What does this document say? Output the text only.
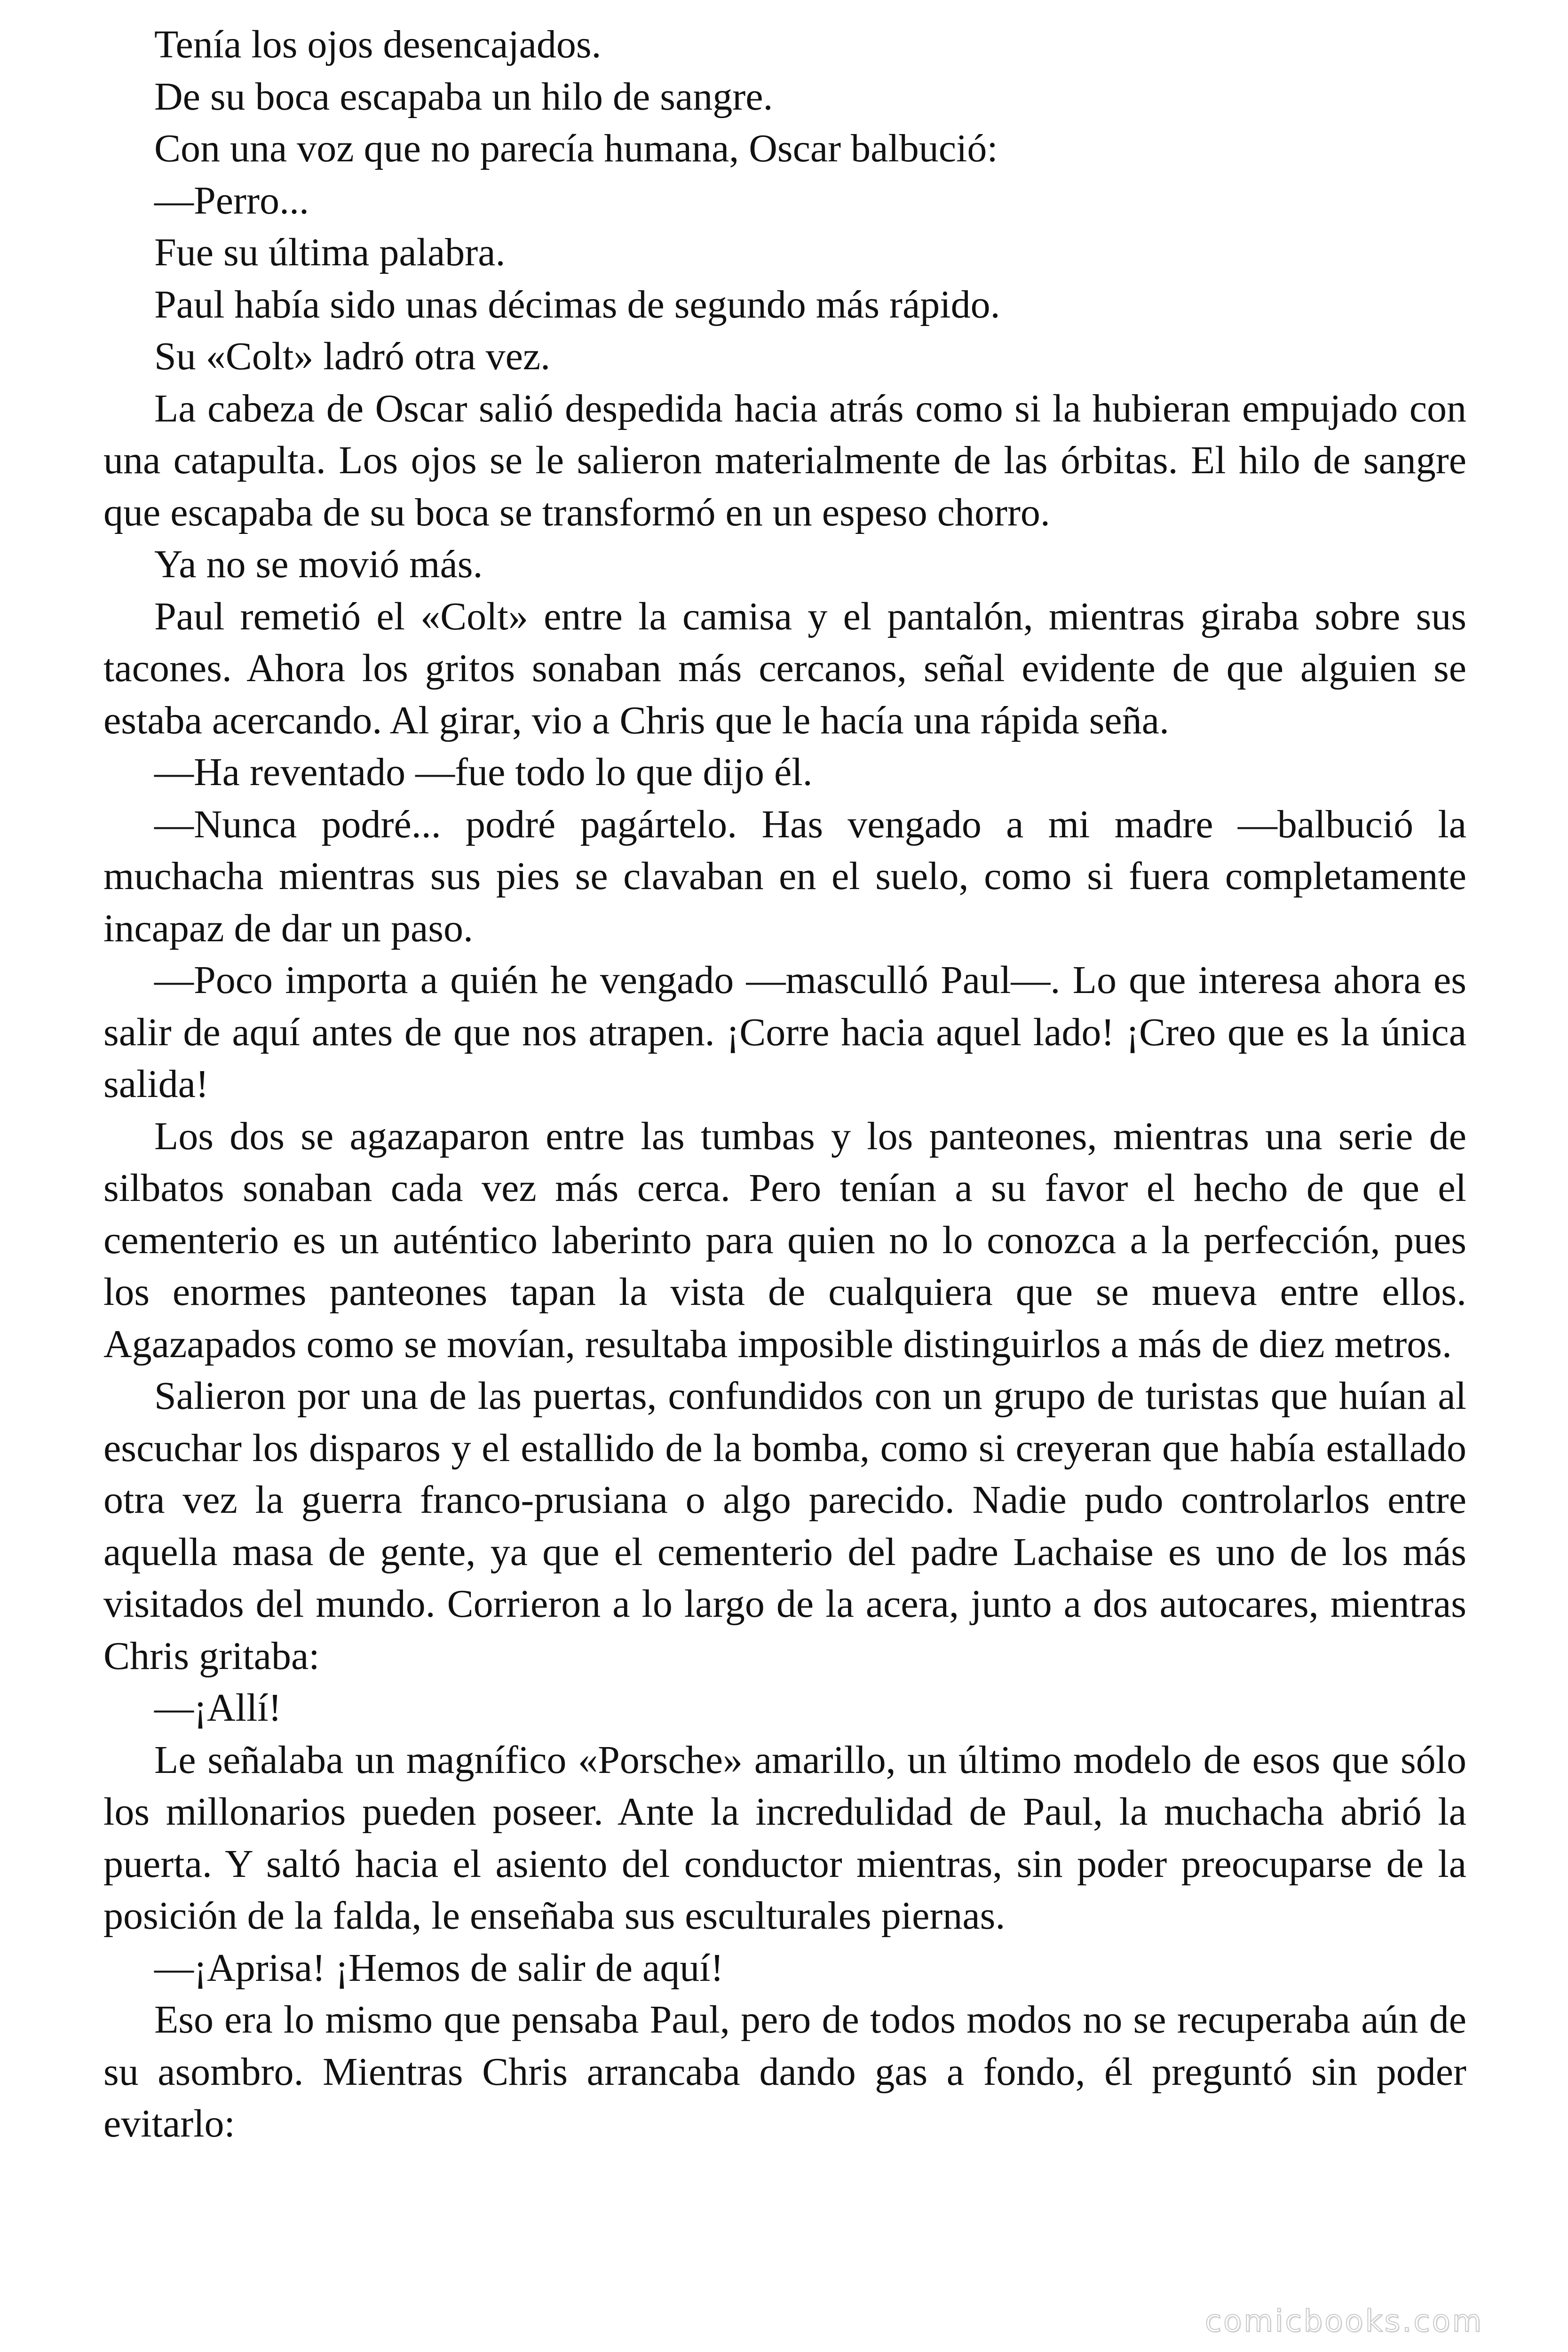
Tenía los ojos desencajados.

De su boca escapaba un hilo de sangre.

Con una voz que no parecía humana, Oscar balbució:

—Perro...

Fue su última palabra.

Paul había sido unas décimas de segundo más rápido.

Su «Colt» ladró otra vez.

La cabeza de Oscar salió despedida hacia atrás como si la hubieran empujado con una catapulta. Los ojos se le salieron materialmente de las órbitas. El hilo de sangre que escapaba de su boca se transformó en un espeso chorro.

Ya no se movió más.

Paul remetió el «Colt» entre la camisa y el pantalón, mientras giraba sobre sus tacones. Ahora los gritos sonaban más cercanos, señal evidente de que alguien se estaba acercando. Al girar, vio a Chris que le hacía una rápida seña.

—Ha reventado —fue todo lo que dijo él.

—Nunca podré... podré pagártelo. Has vengado a mi madre —balbució la muchacha mientras sus pies se clavaban en el suelo, como si fuera completamente incapaz de dar un paso.

—Poco importa a quién he vengado —masculló Paul—. Lo que interesa ahora es salir de aquí antes de que nos atrapen. ¡Corre hacia aquel lado! ¡Creo que es la única salida!

Los dos se agazaparon entre las tumbas y los panteones, mientras una serie de silbatos sonaban cada vez más cerca. Pero tenían a su favor el hecho de que el cementerio es un auténtico laberinto para quien no lo conozca a la perfección, pues los enormes panteones tapan la vista de cualquiera que se mueva entre ellos. Agazapados como se movían, resultaba imposible distinguirlos a más de diez metros.

Salieron por una de las puertas, confundidos con un grupo de turistas que huían al escuchar los disparos y el estallido de la bomba, como si creyeran que había estallado otra vez la guerra franco-prusiana o algo parecido. Nadie pudo controlarlos entre aquella masa de gente, ya que el cementerio del padre Lachaise es uno de los más visitados del mundo. Corrieron a lo largo de la acera, junto a dos autocares, mientras Chris gritaba:

—¡Allí!

Le señalaba un magnífico «Porsche» amarillo, un último modelo de esos que sólo los millonarios pueden poseer. Ante la incredulidad de Paul, la muchacha abrió la puerta. Y saltó hacia el asiento del conductor mientras, sin poder preocuparse de la posición de la falda, le enseñaba sus esculturales piernas.

—¡Aprisa! ¡Hemos de salir de aquí!

Eso era lo mismo que pensaba Paul, pero de todos modos no se recuperaba aún de su asombro. Mientras Chris arrancaba dando gas a fondo, él preguntó sin poder evitarlo:

comicbooks.com
